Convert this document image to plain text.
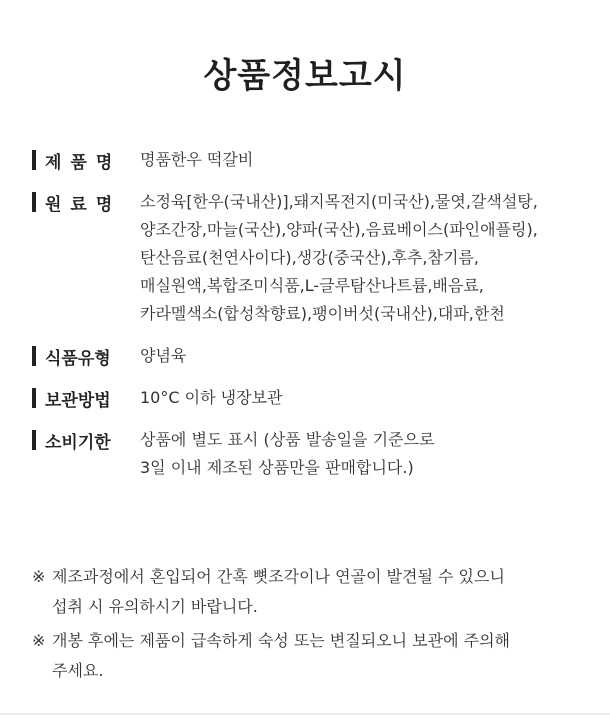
상품정보고시
제품명 명품한우 떡갈비
원료명 소정육[한우(국내산)],돼지목전지(미국산),물엿,갈색설탕,
양조간장,마늘(국산),양파(국산),음료베이스(파인애플링),
탄산음료(천연사이다),생강(중국산),후추,참기름,
매실원액,복합조미식품,L-글루탐산나트륨,배음료,
카라멜색소(합성착향료),팽이버섯(국내산),대파,한천
식품유형 양념육
보관방법 10°C 이하 냉장보관
소비기한 상품에 별도 표시 (상품 발송일을 기준으로
3일 이내 제조된 상품만을 판매합니다.)
※ 제조과정에서 혼입되어 간혹 뼛조각이나 연골이 발견될 수 있으니
섭취 시 유의하시기 바랍니다.
※ 개봉 후에는 제품이 급속하게 숙성 또는 변질되오니 보관에 주의해
주세요.
